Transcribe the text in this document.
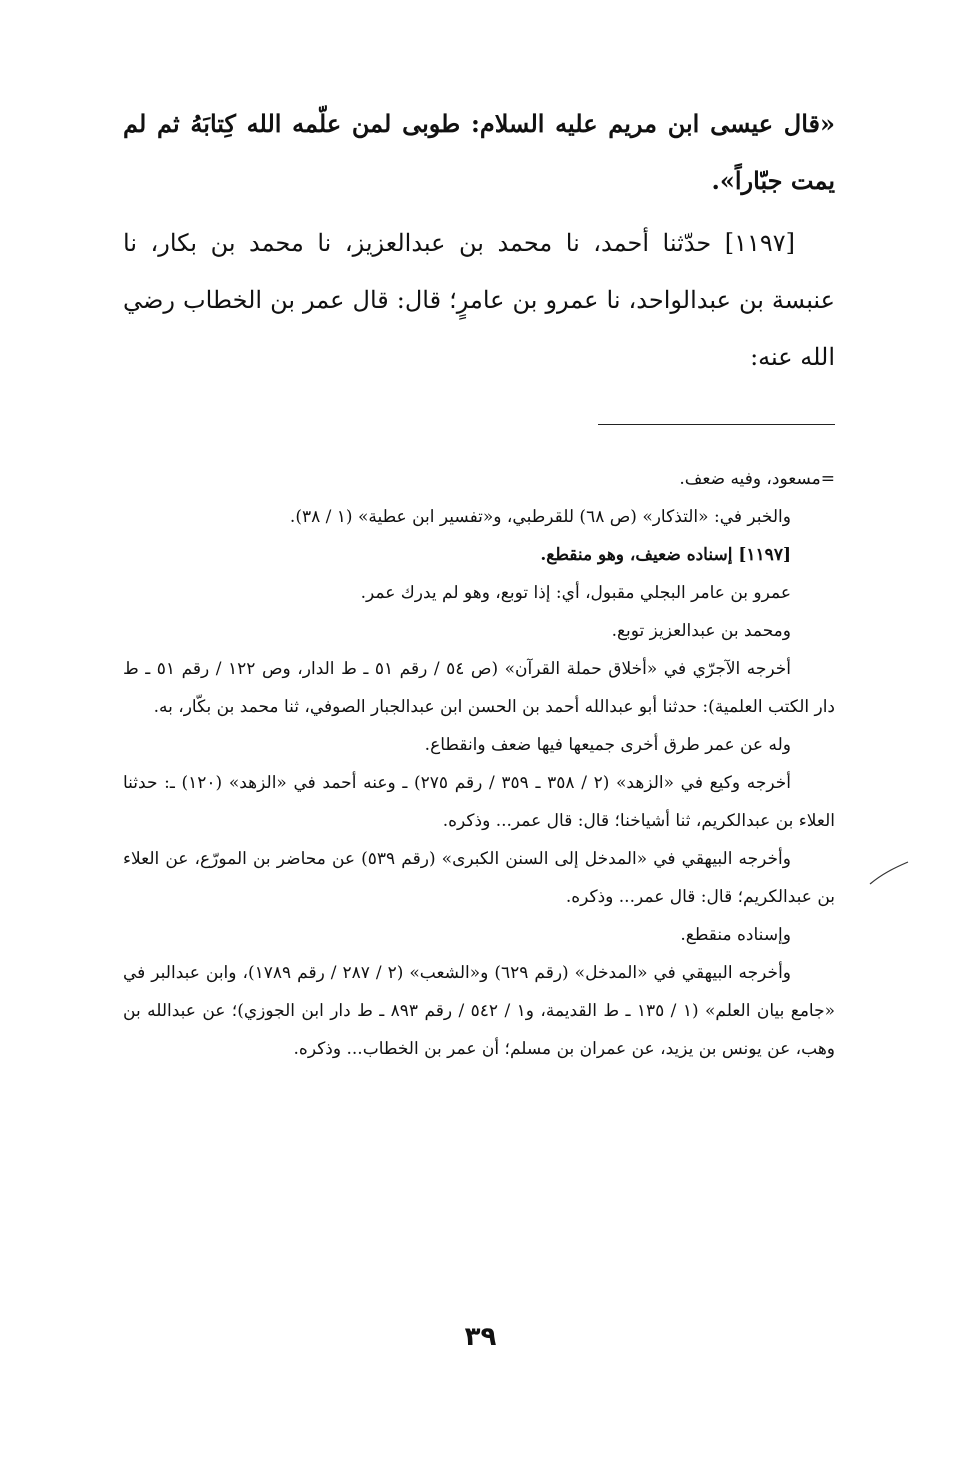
«قال عيسى ابن مريم عليه السلام: طوبى لمن علّمه الله كِتابَهُ ثم لم يمت جبّاراً».

[١١٩٧] حدّثنا أحمد، نا محمد بن عبدالعزيز، نا محمد بن بكار، نا عنبسة بن عبدالواحد، نا عمرو بن عامرٍ؛ قال: قال عمر بن الخطاب رضي الله عنه:

=مسعود، وفيه ضعف.

والخبر في: «التذكار» (ص ٦٨) للقرطبي، و«تفسير ابن عطية» (١ / ٣٨).

[١١٩٧] إسناده ضعيف، وهو منقطع.

عمرو بن عامر البجلي مقبول، أي: إذا توبع، وهو لم يدرك عمر.

ومحمد بن عبدالعزيز توبع.

أخرجه الآجرّي في «أخلاق حملة القرآن» (ص ٥٤ / رقم ٥١ ـ ط الدار، وص ١٢٢ / رقم ٥١ ـ ط دار الكتب العلمية): حدثنا أبو عبدالله أحمد بن الحسن ابن عبدالجبار الصوفي، ثنا محمد بن بكّار، به.

وله عن عمر طرق أخرى جميعها فيها ضعف وانقطاع.

أخرجه وكيع في «الزهد» (٢ / ٣٥٨ ـ ٣٥٩ / رقم ٢٧٥) ـ وعنه أحمد في «الزهد» (١٢٠) ـ: حدثنا العلاء بن عبدالكريم، ثنا أشياخنا؛ قال: قال عمر... وذكره.

وأخرجه البيهقي في «المدخل إلى السنن الكبرى» (رقم ٥٣٩) عن محاضر بن المورّع، عن العلاء بن عبدالكريم؛ قال: قال عمر... وذكره.

وإسناده منقطع.

وأخرجه البيهقي في «المدخل» (رقم ٦٢٩) و«الشعب» (٢ / ٢٨٧ / رقم ١٧٨٩)، وابن عبدالبر في «جامع بيان العلم» (١ / ١٣٥ ـ ط القديمة، و١ / ٥٤٢ / رقم ٨٩٣ ـ ط دار ابن الجوزي)؛ عن عبدالله بن وهب، عن يونس بن يزيد، عن عمران بن مسلم؛ أن عمر بن الخطاب... وذكره.

٣٩
